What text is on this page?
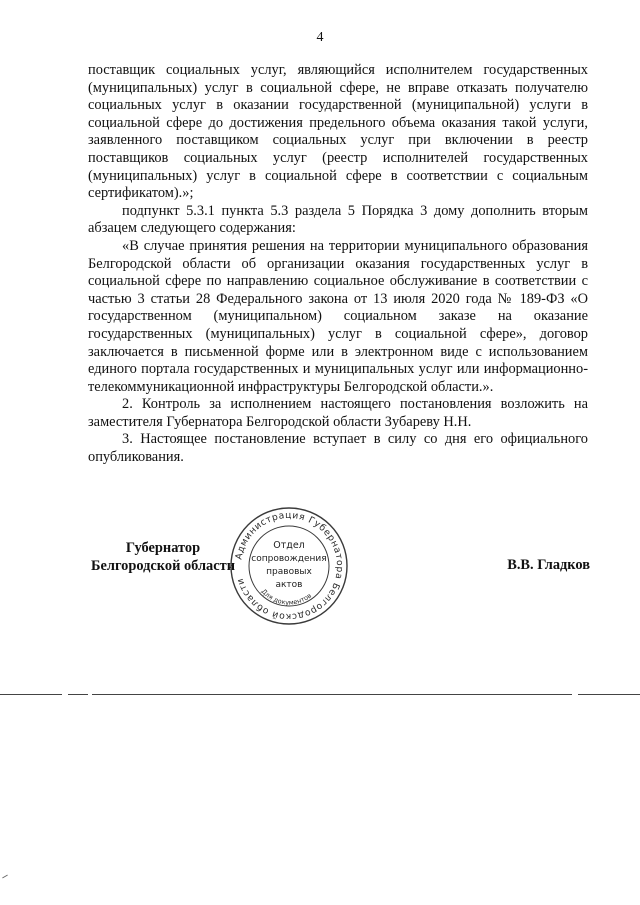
4

поставщик социальных услуг, являющийся исполнителем государственных (муниципальных) услуг в социальной сфере, не вправе отказать получателю социальных услуг в оказании государственной (муниципальной) услуги в социальной сфере до достижения предельного объема оказания такой услуги, заявленного поставщиком социальных услуг при включении в реестр поставщиков социальных услуг (реестр исполнителей государственных (муниципальных) услуг в социальной сфере в соответствии с социальным сертификатом).»;

подпункт 5.3.1 пункта 5.3 раздела 5 Порядка 3 дому дополнить вторым абзацем следующего содержания:

«В случае принятия решения на территории муниципального образования Белгородской области об организации оказания государственных услуг в социальной сфере по направлению социальное обслуживание в соответствии с частью 3 статьи 28 Федерального закона от 13 июля 2020 года № 189-ФЗ «О государственном (муниципальном) социальном заказе на оказание государственных (муниципальных) услуг в социальной сфере», договор заключается в письменной форме или в электронном виде с использованием единого портала государственных и муниципальных услуг или информационно-телекоммуникационной инфраструктуры Белгородской области.».

2. Контроль за исполнением настоящего постановления возложить на заместителя Губернатора Белгородской области Зубареву Н.Н.

3. Настоящее постановление вступает в силу со дня его официального опубликования.

Губернатор
Белгородской области
Администрация Губернатора Белгородской области
Отдел
сопровождения
правовых
актов
Для документов
В.В. Гладков
